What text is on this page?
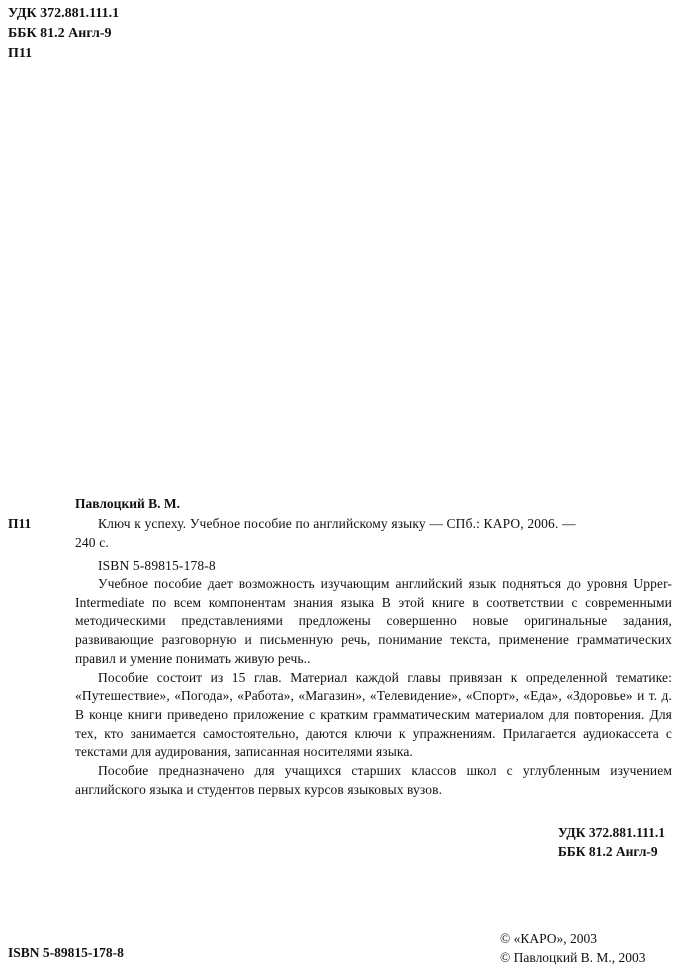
УДК 372.881.111.1
ББК 81.2 Англ-9
П11
Павлоцкий В. М.
П11	Ключ к успеху. Учебное пособие по английскому языку — СПб.: КАРО, 2006. —
240 с.
ISBN 5-89815-178-8

Учебное пособие дает возможность изучающим английский язык подняться до уровня Upper-Intermediate по всем компонентам знания языка В этой книге в соответствии с современными методическими представлениями предложены совершенно новые оригинальные задания, развивающие разговорную и письменную речь, понимание текста, применение грамматических правил и умение понимать живую речь..

Пособие состоит из 15 глав. Материал каждой главы привязан к определенной тематике: «Путешествие», «Погода», «Работа», «Магазин», «Телевидение», «Спорт», «Еда», «Здоровье» и т. д. В конце книги приведено приложение с кратким грамматическим материалом для повторения. Для тех, кто занимается самостоятельно, даются ключи к упражнениям. Прилагается аудиокассета с текстами для аудирования, записанная носителями языка.

Пособие предназначено для учащихся старших классов школ с углубленным изучением английского языка и студентов первых курсов языковых вузов.

УДК 372.881.111.1
ББК 81.2 Англ-9
ISBN 5-89815-178-8
© «КАРО», 2003
© Павлоцкий В. М., 2003
